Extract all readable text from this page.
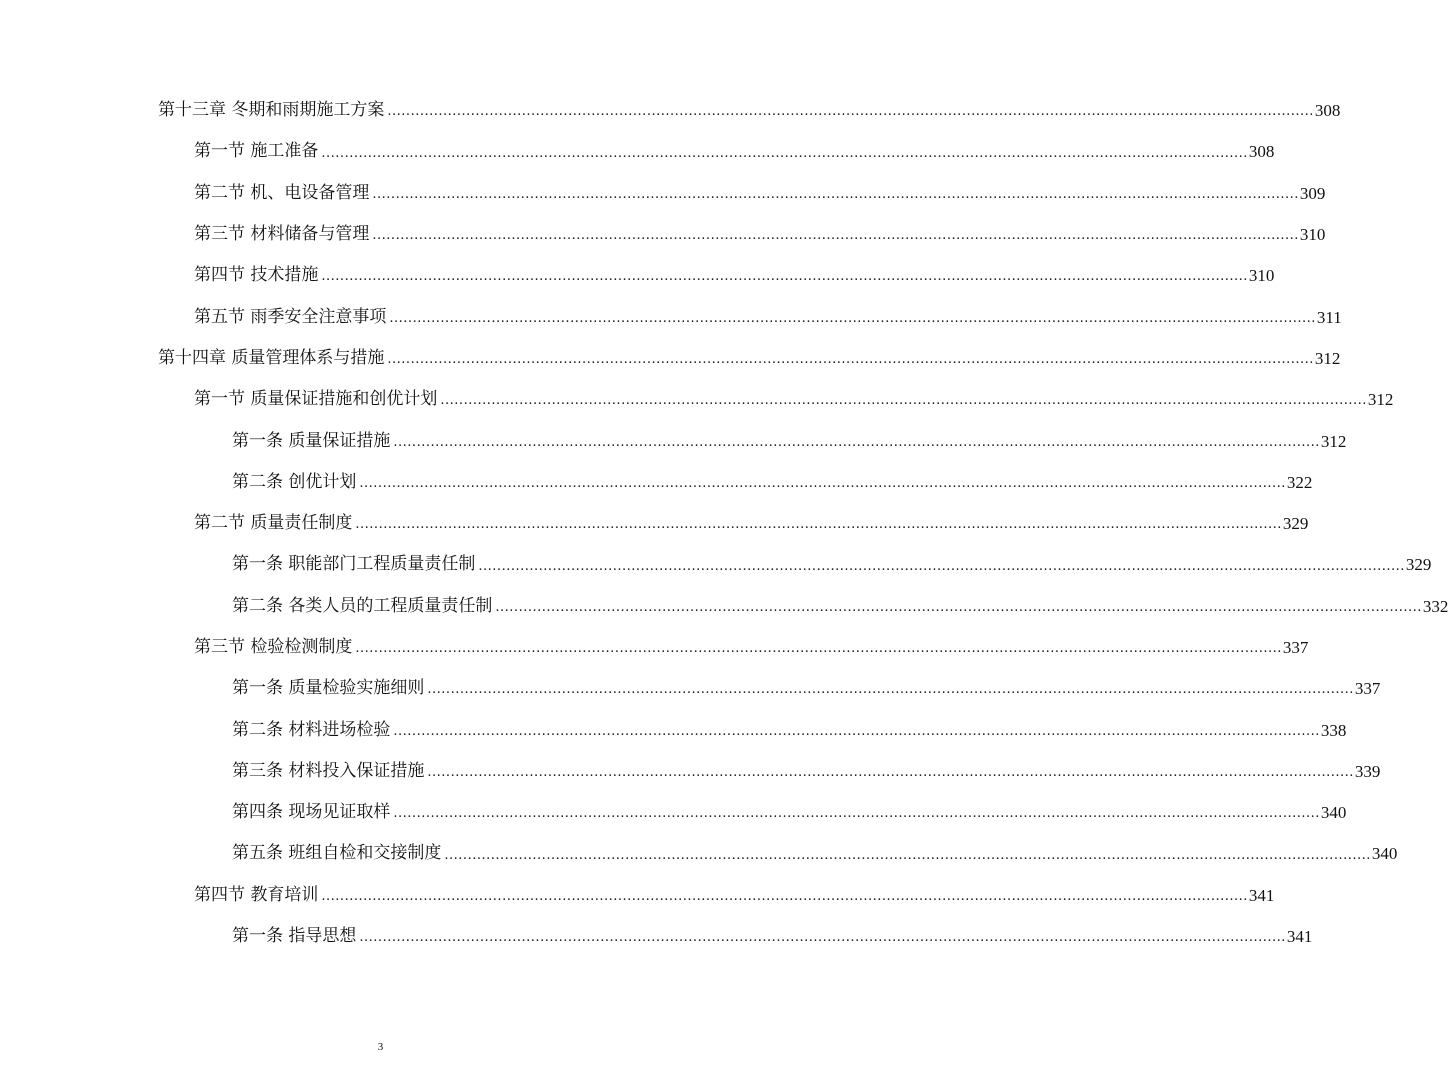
第十三章 冬期和雨期施工方案 ........................................................................................................................................................................................................ 308
第一节 施工准备 ........................................................................................................................................................................................................ 308
第二节 机、电设备管理 ........................................................................................................................................................................................................ 309
第三节 材料储备与管理 ........................................................................................................................................................................................................ 310
第四节 技术措施 ........................................................................................................................................................................................................ 310
第五节 雨季安全注意事项 ........................................................................................................................................................................................................ 311
第十四章 质量管理体系与措施 ........................................................................................................................................................................................................ 312
第一节 质量保证措施和创优计划 ........................................................................................................................................................................................................ 312
第一条 质量保证措施 ........................................................................................................................................................................................................ 312
第二条 创优计划 ........................................................................................................................................................................................................ 322
第二节 质量责任制度 ........................................................................................................................................................................................................ 329
第一条 职能部门工程质量责任制 ........................................................................................................................................................................................................ 329
第二条 各类人员的工程质量责任制 ........................................................................................................................................................................................................ 332
第三节 检验检测制度 ........................................................................................................................................................................................................ 337
第一条 质量检验实施细则 ........................................................................................................................................................................................................ 337
第二条 材料进场检验 ........................................................................................................................................................................................................ 338
第三条 材料投入保证措施 ........................................................................................................................................................................................................ 339
第四条 现场见证取样 ........................................................................................................................................................................................................ 340
第五条 班组自检和交接制度 ........................................................................................................................................................................................................ 340
第四节 教育培训 ........................................................................................................................................................................................................ 341
第一条 指导思想 ........................................................................................................................................................................................................ 341
3
